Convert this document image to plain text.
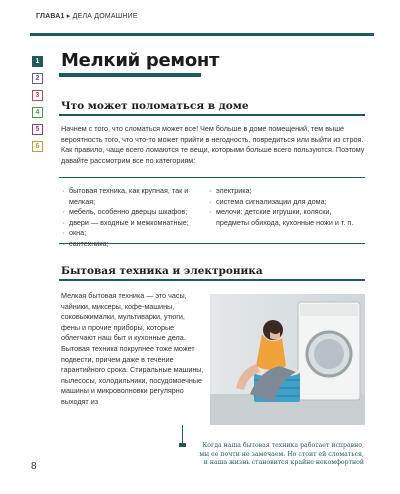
ГЛАВА1 ▸ ДЕЛА ДОМАШНИЕ
1
2
3
4
5
6
Мелкий ремонт
Что может поломаться в доме

Начнем с того, что сломаться может все! Чем больше в доме помещений, тем выше вероятность того, что что-то может прийти в негодность, повредиться или выйти из строя. Как правило, чаще всего ломаются те вещи, которыми больше всего пользуются. Поэтому давайте рассмотрим все по категориям:

· бытовая техника, как крупная, так и мелкая;
· мебель, особенно дверцы шкафов;
· двери — входные и межкомнатные;
· окна;
· сантехника;
· электрика;
· система сигнализации для дома;
· мелочи: детские игрушки, коляски, предметы обихода, кухонные ножи и т. п.
Бытовая техника и электроника

Мелкая бытовая техника — это часы, чайники, миксеры, кофе-машины, соковыжималки, мультиварки, утюги, фены и прочие приборы, которые облегчают наш быт и кухонные дела. Бытовая техника покрупнее тоже может подвести, причем даже в течение гарантийного срока. Стиральные машины, пылесосы, холодильники, посудомоечные машины и микроволновки регулярно выходят из

Когда наша бытовая техника работает исправно, мы ее почти не замечаем. Но стоит ей сломаться, и наша жизнь становится крайне некомфортной
8
